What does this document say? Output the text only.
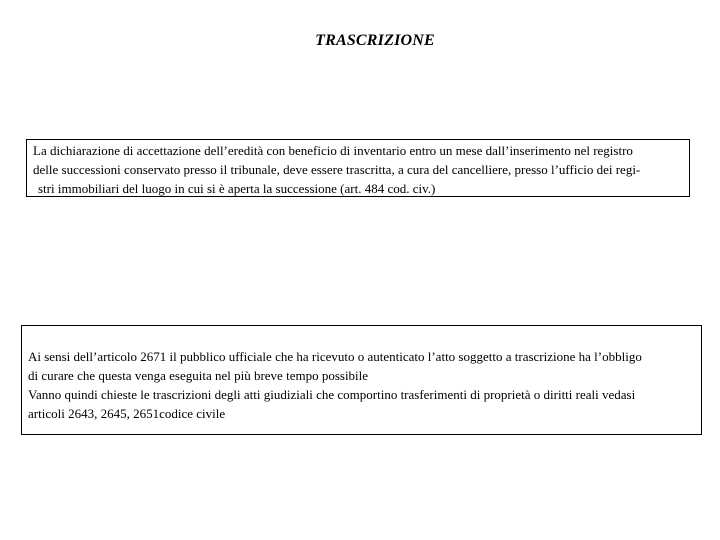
TRASCRIZIONE
La dichiarazione di accettazione dell’eredità con beneficio di inventario entro un mese dall’inserimento nel registro
delle successioni conservato presso il tribunale, deve essere trascritta, a cura del cancelliere, presso l’ufficio dei regi-
stri immobiliari del luogo in cui si è aperta la successione (art. 484 cod. civ.)
Ai sensi dell’articolo 2671 il pubblico ufficiale che ha ricevuto o autenticato l’atto soggetto a trascrizione ha l’obbligo
di curare che questa venga eseguita nel più breve tempo possibile
Vanno quindi chieste le trascrizioni degli atti giudiziali che comportino trasferimenti di proprietà o diritti reali vedasi
articoli 2643, 2645, 2651codice civile
